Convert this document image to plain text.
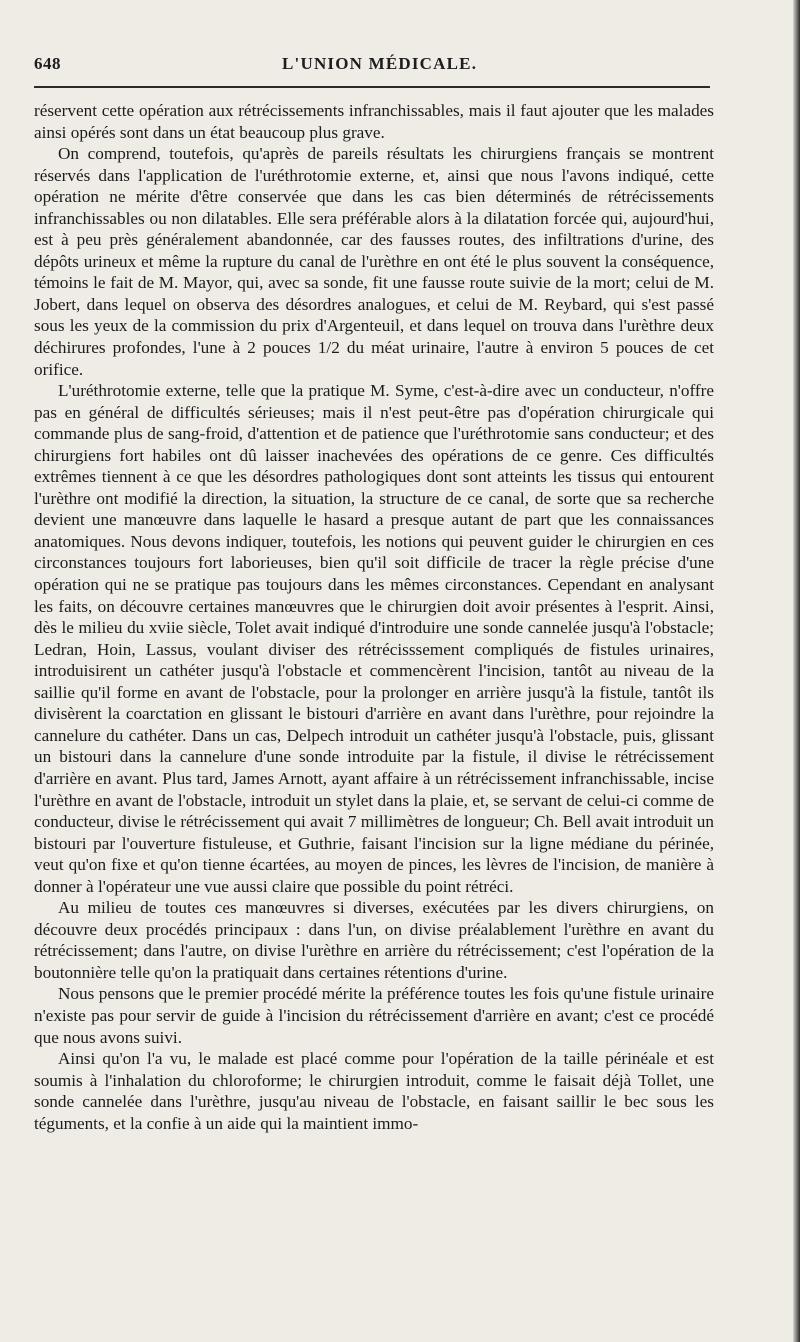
648	L'UNION MÉDICALE.

réservent cette opération aux rétrécissements infranchissables, mais il faut ajouter que les malades ainsi opérés sont dans un état beaucoup plus grave.

On comprend, toutefois, qu'après de pareils résultats les chirurgiens français se montrent réservés dans l'application de l'uréthrotomie externe, et, ainsi que nous l'avons indiqué, cette opération ne mérite d'être conservée que dans les cas bien déterminés de rétrécissements infranchissables ou non dilatables. Elle sera préférable alors à la dilatation forcée qui, aujourd'hui, est à peu près généralement abandonnée, car des fausses routes, des infiltrations d'urine, des dépôts urineux et même la rupture du canal de l'urèthre en ont été le plus souvent la conséquence, témoins le fait de M. Mayor, qui, avec sa sonde, fit une fausse route suivie de la mort; celui de M. Jobert, dans lequel on observa des désordres analogues, et celui de M. Reybard, qui s'est passé sous les yeux de la commission du prix d'Argenteuil, et dans lequel on trouva dans l'urèthre deux déchirures profondes, l'une à 2 pouces 1/2 du méat urinaire, l'autre à environ 5 pouces de cet orifice.

L'uréthrotomie externe, telle que la pratique M. Syme, c'est-à-dire avec un conducteur, n'offre pas en général de difficultés sérieuses; mais il n'est peut-être pas d'opération chirurgicale qui commande plus de sang-froid, d'attention et de patience que l'uréthrotomie sans conducteur; et des chirurgiens fort habiles ont dû laisser inachevées des opérations de ce genre. Ces difficultés extrêmes tiennent à ce que les désordres pathologiques dont sont atteints les tissus qui entourent l'urèthre ont modifié la direction, la situation, la structure de ce canal, de sorte que sa recherche devient une manœuvre dans laquelle le hasard a presque autant de part que les connaissances anatomiques. Nous devons indiquer, toutefois, les notions qui peuvent guider le chirurgien en ces circonstances toujours fort laborieuses, bien qu'il soit difficile de tracer la règle précise d'une opération qui ne se pratique pas toujours dans les mêmes circonstances. Cependant en analysant les faits, on découvre certaines manœuvres que le chirurgien doit avoir présentes à l'esprit. Ainsi, dès le milieu du xviie siècle, Tolet avait indiqué d'introduire une sonde cannelée jusqu'à l'obstacle; Ledran, Hoin, Lassus, voulant diviser des rétrécisssement compliqués de fistules urinaires, introduisirent un cathéter jusqu'à l'obstacle et commencèrent l'incision, tantôt au niveau de la saillie qu'il forme en avant de l'obstacle, pour la prolonger en arrière jusqu'à la fistule, tantôt ils divisèrent la coarctation en glissant le bistouri d'arrière en avant dans l'urèthre, pour rejoindre la cannelure du cathéter. Dans un cas, Delpech introduit un cathéter jusqu'à l'obstacle, puis, glissant un bistouri dans la cannelure d'une sonde introduite par la fistule, il divise le rétrécissement d'arrière en avant. Plus tard, James Arnott, ayant affaire à un rétrécissement infranchissable, incise l'urèthre en avant de l'obstacle, introduit un stylet dans la plaie, et, se servant de celui-ci comme de conducteur, divise le rétrécissement qui avait 7 millimètres de longueur; Ch. Bell avait introduit un bistouri par l'ouverture fistuleuse, et Guthrie, faisant l'incision sur la ligne médiane du périnée, veut qu'on fixe et qu'on tienne écartées, au moyen de pinces, les lèvres de l'incision, de manière à donner à l'opérateur une vue aussi claire que possible du point rétréci.

Au milieu de toutes ces manœuvres si diverses, exécutées par les divers chirurgiens, on découvre deux procédés principaux : dans l'un, on divise préalablement l'urèthre en avant du rétrécissement; dans l'autre, on divise l'urèthre en arrière du rétrécissement; c'est l'opération de la boutonnière telle qu'on la pratiquait dans certaines rétentions d'urine.

Nous pensons que le premier procédé mérite la préférence toutes les fois qu'une fistule urinaire n'existe pas pour servir de guide à l'incision du rétrécissement d'arrière en avant; c'est ce procédé que nous avons suivi.

Ainsi qu'on l'a vu, le malade est placé comme pour l'opération de la taille périnéale et est soumis à l'inhalation du chloroforme; le chirurgien introduit, comme le faisait déjà Tollet, une sonde cannelée dans l'urèthre, jusqu'au niveau de l'obstacle, en faisant saillir le bec sous les téguments, et la confie à un aide qui la maintient immo-
